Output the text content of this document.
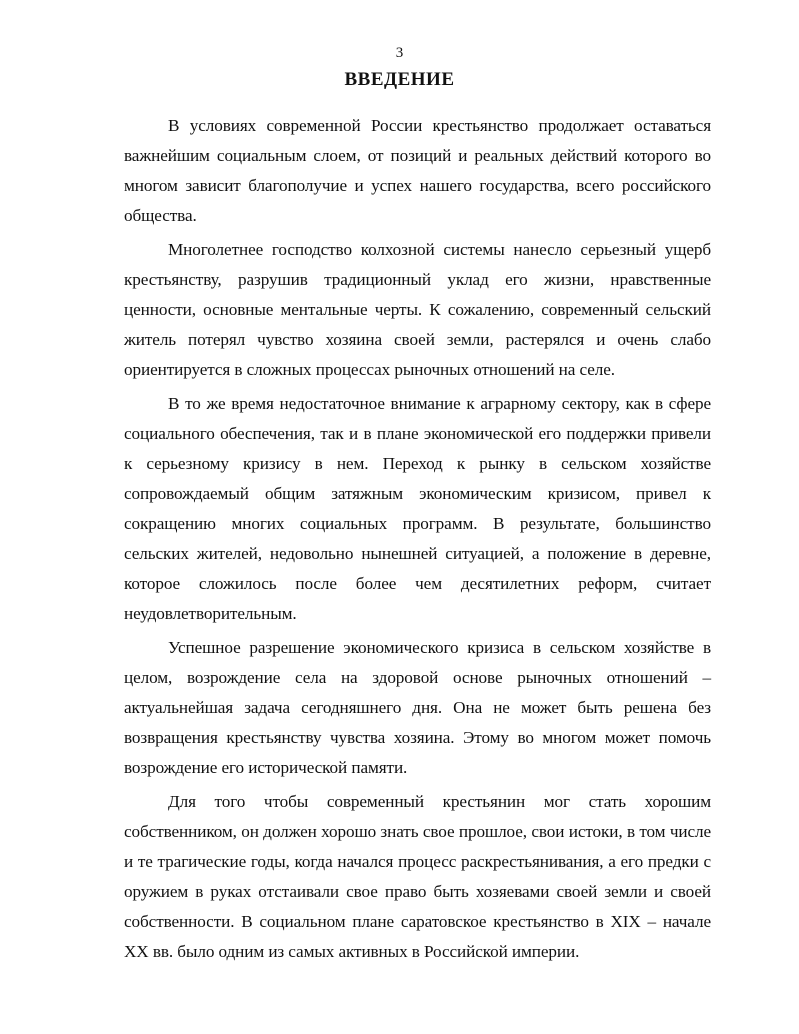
3
ВВЕДЕНИЕ

В условиях современной России крестьянство продолжает оставаться важнейшим социальным слоем, от позиций и реальных действий которого во многом зависит благополучие и успех нашего государства, всего российского общества.

Многолетнее господство колхозной системы нанесло серьезный ущерб крестьянству, разрушив традиционный уклад его жизни, нравственные ценности, основные ментальные черты. К сожалению, современный сельский житель потерял чувство хозяина своей земли, растерялся и очень слабо ориентируется в сложных процессах рыночных отношений на селе.

В то же время недостаточное внимание к аграрному сектору, как в сфере социального обеспечения, так и в плане экономической его поддержки привели к серьезному кризису в нем. Переход к рынку в сельском хозяйстве сопровождаемый общим затяжным экономическим кризисом, привел к сокращению многих социальных программ. В результате, большинство сельских жителей, недовольно нынешней ситуацией, а положение в деревне, которое сложилось после более чем десятилетних реформ, считает неудовлетворительным.

Успешное разрешение экономического кризиса в сельском хозяйстве в целом, возрождение села на здоровой основе рыночных отношений – актуальнейшая задача сегодняшнего дня. Она не может быть решена без возвращения крестьянству чувства хозяина. Этому во многом может помочь возрождение его исторической памяти.

Для того чтобы современный крестьянин мог стать хорошим собственником, он должен хорошо знать свое прошлое, свои истоки, в том числе и те трагические годы, когда начался процесс раскрестьянивания, а его предки с оружием в руках отстаивали свое право быть хозяевами своей земли и своей собственности. В социальном плане саратовское крестьянство в XIX – начале XX вв. было одним из самых активных в Российской империи.
